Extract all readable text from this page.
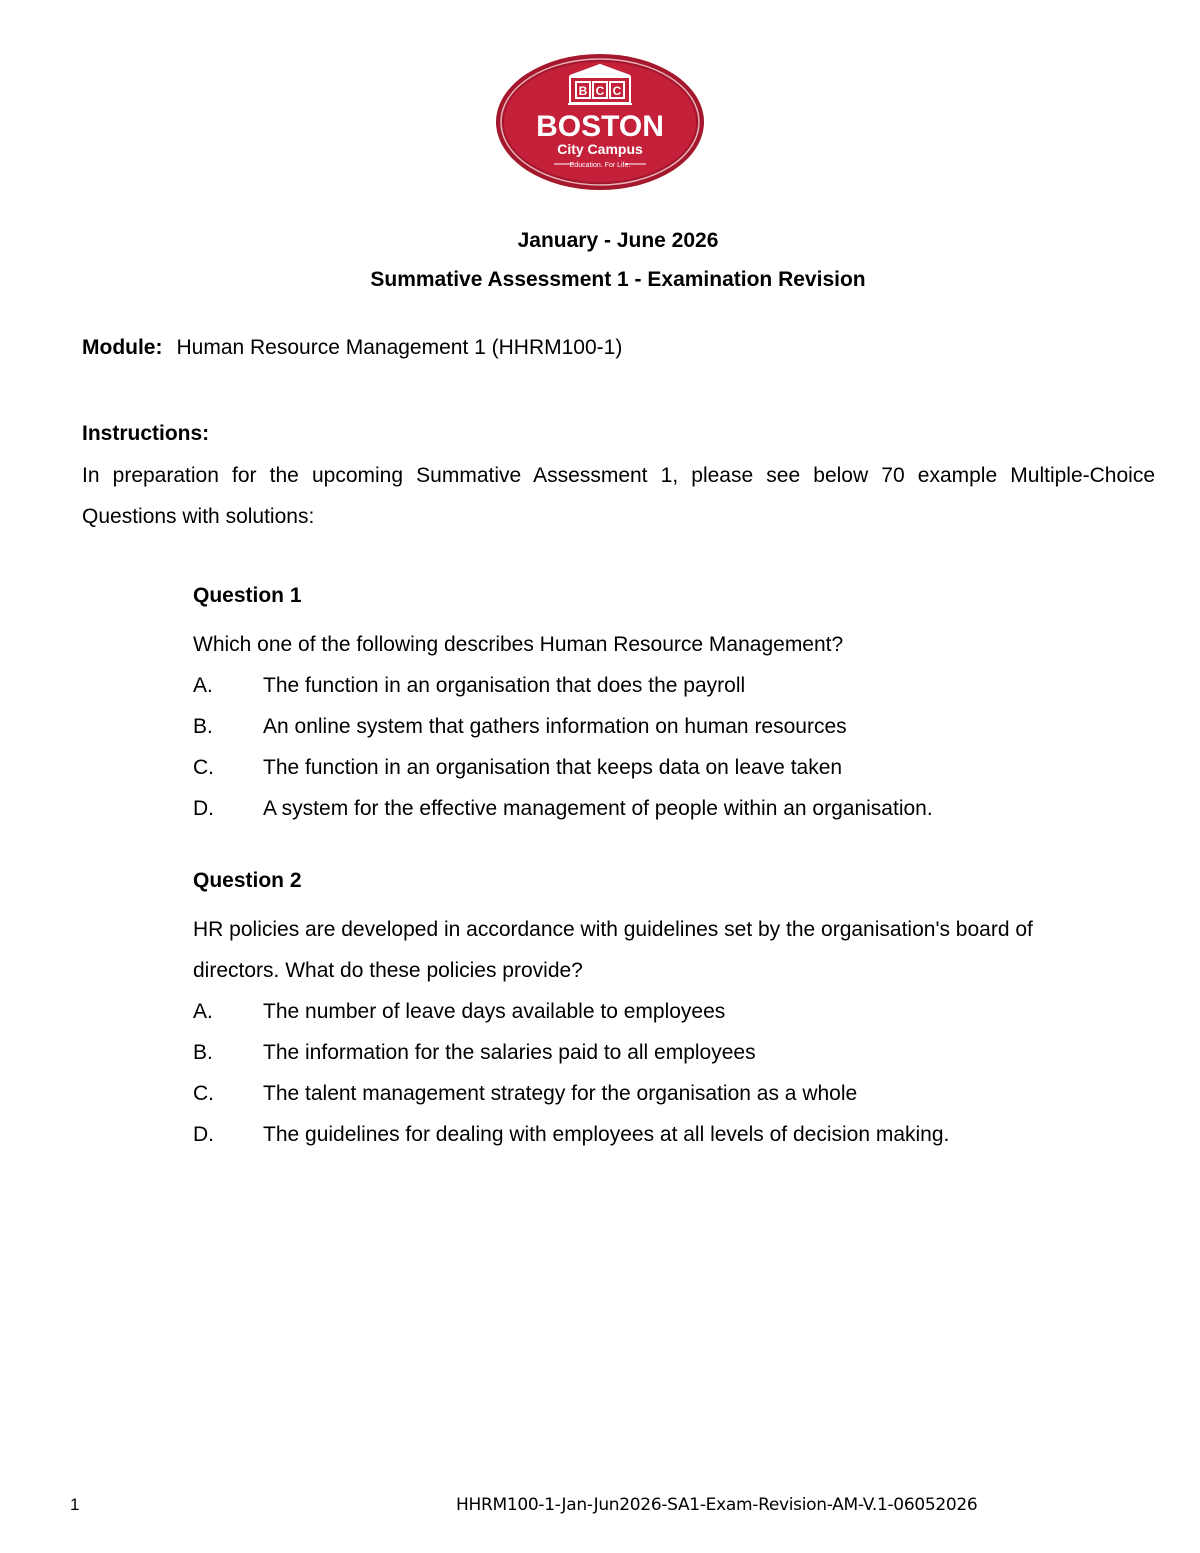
B C C
BOSTON
City Campus
Education. For Life.
January - June 2026
Summative Assessment 1 - Examination Revision
Module: Human Resource Management 1 (HHRM100-1)
Instructions:
In preparation for the upcoming Summative Assessment 1, please see below 70 example Multiple-Choice Questions with solutions:
Question 1
Which one of the following describes Human Resource Management?
A.	The function in an organisation that does the payroll
B.	An online system that gathers information on human resources
C.	The function in an organisation that keeps data on leave taken
D.	A system for the effective management of people within an organisation.
Question 2
HR policies are developed in accordance with guidelines set by the organisation's board of directors. What do these policies provide?
A.	The number of leave days available to employees
B.	The information for the salaries paid to all employees
C.	The talent management strategy for the organisation as a whole
D.	The guidelines for dealing with employees at all levels of decision making.
1	HHRM100-1-Jan-Jun2026-SA1-Exam-Revision-AM-V.1-06052026
